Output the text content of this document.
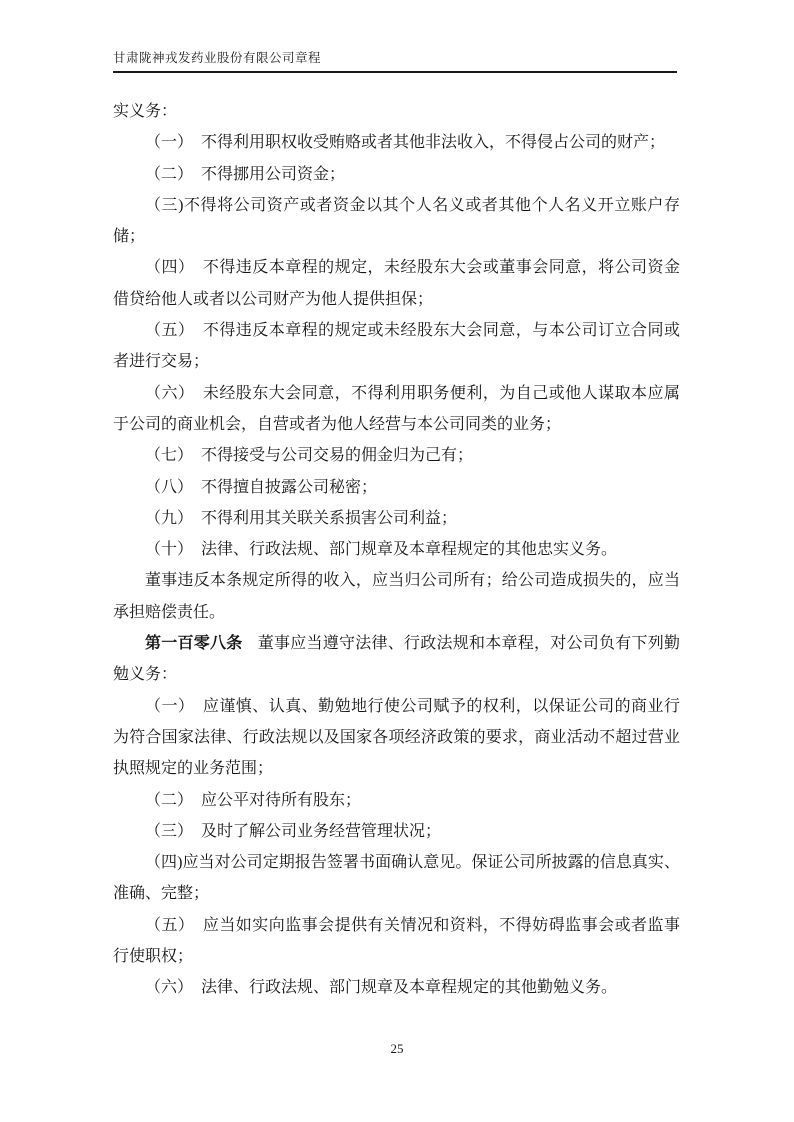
甘肃陇神戎发药业股份有限公司章程

实义务：

（一）　不得利用职权收受贿赂或者其他非法收入，不得侵占公司的财产；

（二）　不得挪用公司资金；

（三)不得将公司资产或者资金以其个人名义或者其他个人名义开立账户存储；

（四）　不得违反本章程的规定，未经股东大会或董事会同意，将公司资金借贷给他人或者以公司财产为他人提供担保；

（五）　不得违反本章程的规定或未经股东大会同意，与本公司订立合同或者进行交易；

（六）　未经股东大会同意，不得利用职务便利，为自己或他人谋取本应属于公司的商业机会，自营或者为他人经营与本公司同类的业务；

（七）　不得接受与公司交易的佣金归为己有；

（八）　不得擅自披露公司秘密；

（九）　不得利用其关联关系损害公司利益；

（十）　法律、行政法规、部门规章及本章程规定的其他忠实义务。

董事违反本条规定所得的收入，应当归公司所有；给公司造成损失的，应当承担赔偿责任。

第一百零八条 董事应当遵守法律、行政法规和本章程，对公司负有下列勤勉义务：

（一）　应谨慎、认真、勤勉地行使公司赋予的权利，以保证公司的商业行为符合国家法律、行政法规以及国家各项经济政策的要求，商业活动不超过营业执照规定的业务范围；

（二）　应公平对待所有股东；

（三）　及时了解公司业务经营管理状况；

（四)应当对公司定期报告签署书面确认意见。保证公司所披露的信息真实、准确、完整；

（五）　应当如实向监事会提供有关情况和资料，不得妨碍监事会或者监事行使职权；

（六）　法律、行政法规、部门规章及本章程规定的其他勤勉义务。

25
